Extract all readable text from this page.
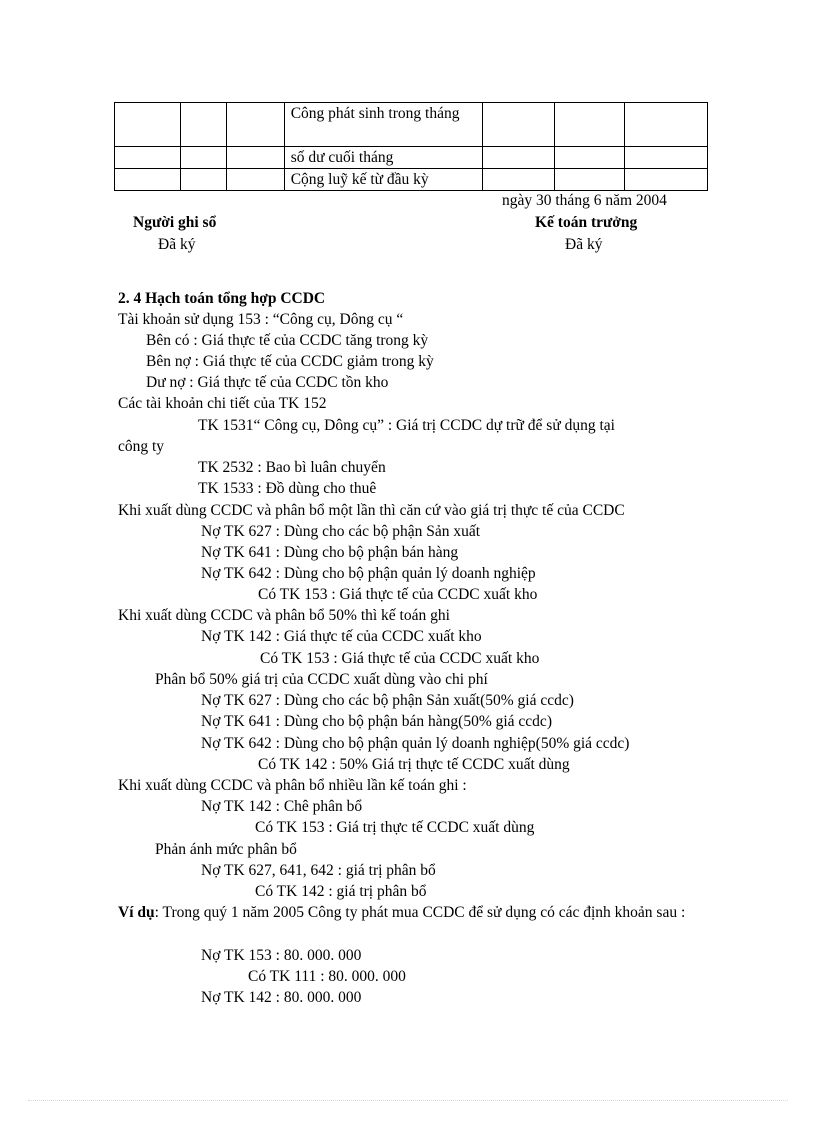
			Công phát sinh trong tháng			
			số dư cuối tháng			
			Cộng luỹ kế từ đầu kỳ			
ngày 30 tháng 6 năm 2004
Người ghi sổ
Đã ký
Kế toán trưởng
Đã ký
2. 4 Hạch toán tổng hợp CCDC
Tài khoản sử dụng 153 : “Công cụ, Dông cụ “
Bên có : Giá thực tế của CCDC tăng trong kỳ
Bên nợ : Giá thực tế của CCDC giảm trong kỳ
Dư nợ : Giá thực tế của CCDC tồn kho
Các tài khoản chi tiết của TK 152
TK 1531“ Công cụ, Dông cụ” : Giá trị CCDC dự trữ để sử dụng tại
công ty
TK 2532 : Bao bì luân chuyển
TK 1533 : Đồ dùng cho thuê
Khi xuất dùng CCDC và phân bổ một lần thì căn cứ vào giá trị thực tế của CCDC
Nợ TK 627 : Dùng cho các bộ phận Sản xuất
Nợ TK 641 : Dùng cho bộ phận bán hàng
Nợ TK 642 : Dùng cho bộ phận quản lý doanh nghiệp
Có TK 153 : Giá thực tế của CCDC xuất kho
Khi xuất dùng CCDC và phân bổ 50% thì kế toán ghi
Nợ TK 142 : Giá thực tế của CCDC xuất kho
Có TK 153 : Giá thực tế của CCDC xuất kho
Phân bổ 50% giá trị của CCDC xuất dùng vào chi phí
Nợ TK 627 : Dùng cho các bộ phận Sản xuất(50% giá ccdc)
Nợ TK 641 : Dùng cho bộ phận bán hàng(50% giá ccdc)
Nợ TK 642 : Dùng cho bộ phận quản lý doanh nghiệp(50% giá ccdc)
Có TK 142 : 50% Giá trị thực tế CCDC xuất dùng
Khi xuất dùng CCDC và phân bổ nhiều lần kế toán ghi :
Nợ TK 142 : Chê phân bổ
Có TK 153 : Giá trị thực tế CCDC xuất dùng
Phản ánh mức phân bổ
Nợ TK 627, 641, 642 : giá trị phân bổ
Có TK 142 : giá trị phân bổ
Ví dụ: Trong quý 1 năm 2005 Công ty phát mua CCDC để sử dụng có các định khoản sau :
Nợ TK 153 : 80. 000. 000
Có TK 111 : 80. 000. 000
Nợ TK 142 : 80. 000. 000
